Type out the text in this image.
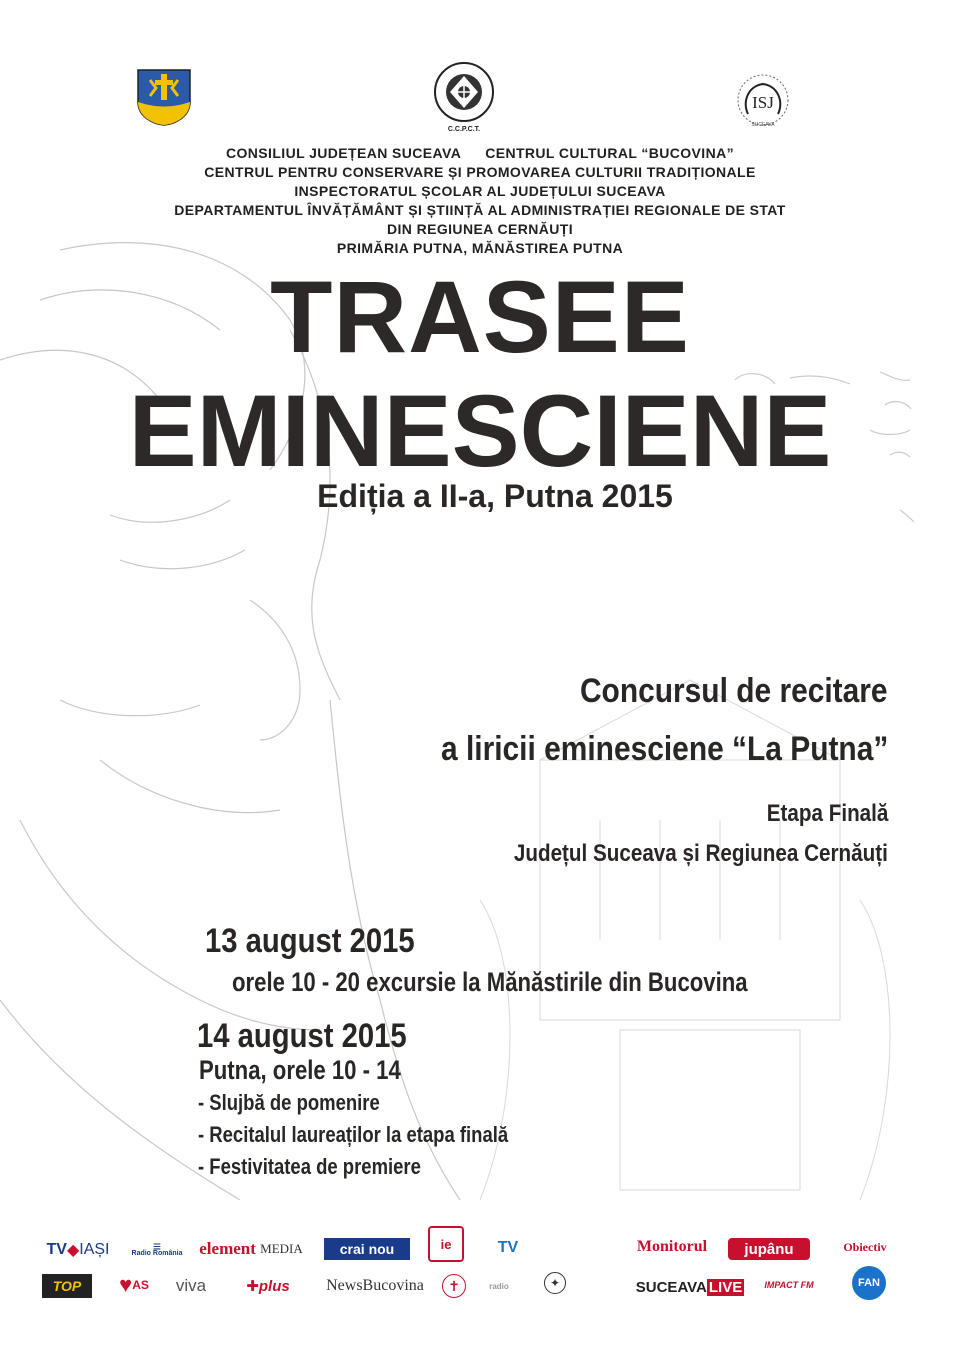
C.C.P.C.T.
ISJ
SUCEAVA
CONSILIUL JUDEȚEAN SUCEAVA CENTRUL CULTURAL “BUCOVINA”
CENTRUL PENTRU CONSERVARE ȘI PROMOVAREA CULTURII TRADIȚIONALE
INSPECTORATUL ȘCOLAR AL JUDEȚULUI SUCEAVA
DEPARTAMENTUL ÎNVĂȚĂMÂNT ȘI ȘTIINȚĂ AL ADMINISTRAȚIEI REGIONALE DE STAT
DIN REGIUNEA CERNĂUȚI
PRIMĂRIA PUTNA, MĂNĂSTIREA PUTNA
TRASEE
EMINESCIENE
Ediția a II-a, Putna 2015
Concursul de recitare
a liricii eminesciene “La Putna”
Etapa Finală
Județul Suceava și Regiunea Cernăuți
13 august 2015
orele 10 - 20 excursie la Mănăstirile din Bucovina
14 august 2015
Putna, orele 10 - 14
- Slujbă de pomenire
- Recitalul laureaților la etapa finală
- Festivitatea de premiere
TV ◆ IAȘI	≡
Radio România element
MEDIA	crai nou	ie	TV	Monitorul	jupânu	Obiectiv
TOP	♥ AS	viva	✚ plus	NewsBucovina	✝	radio	✦	SUCEAVA LIVE	IMPACT FM	FAN
